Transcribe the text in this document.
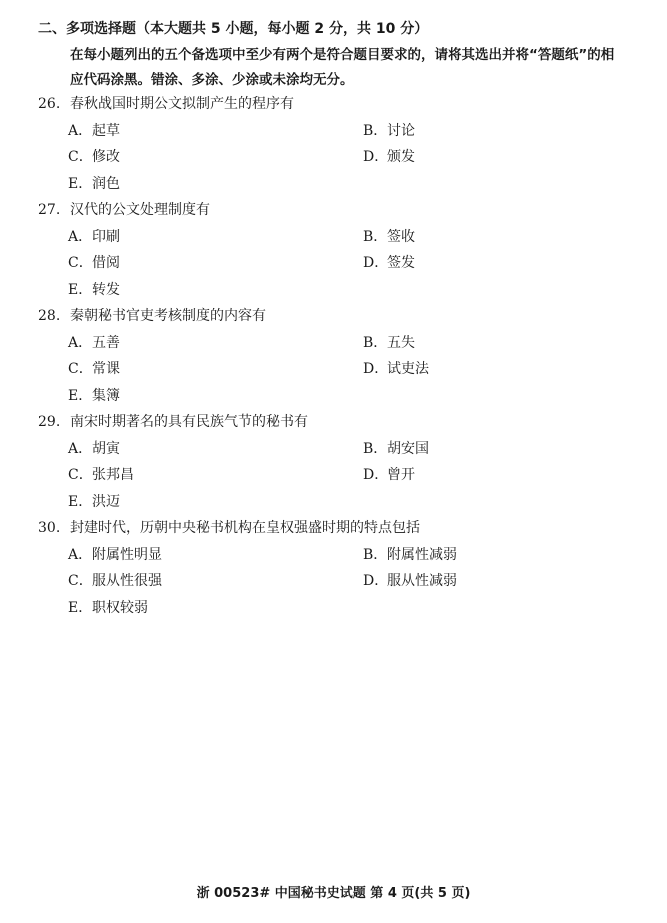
二、多项选择题（本大题共 5 小题，每小题 2 分，共 10 分）
在每小题列出的五个备选项中至少有两个是符合题目要求的，请将其选出并将“答题纸”的相应代码涂黑。错涂、多涂、少涂或未涂均无分。
26. 春秋战国时期公文拟制产生的程序有
A．起草	B．讨论
C．修改	D．颁发
E．润色
27. 汉代的公文处理制度有
A．印刷	B．签收
C．借阅	D．签发
E．转发
28. 秦朝秘书官吏考核制度的内容有
A．五善	B．五失
C．常课	D．试吏法
E．集簿
29. 南宋时期著名的具有民族气节的秘书有
A．胡寅	B．胡安国
C．张邦昌	D．曾开
E．洪迈
30. 封建时代，历朝中央秘书机构在皇权强盛时期的特点包括
A．附属性明显	B．附属性减弱
C．服从性很强	D．服从性减弱
E．职权较弱
浙 00523# 中国秘书史试题 第 4 页(共 5 页)
